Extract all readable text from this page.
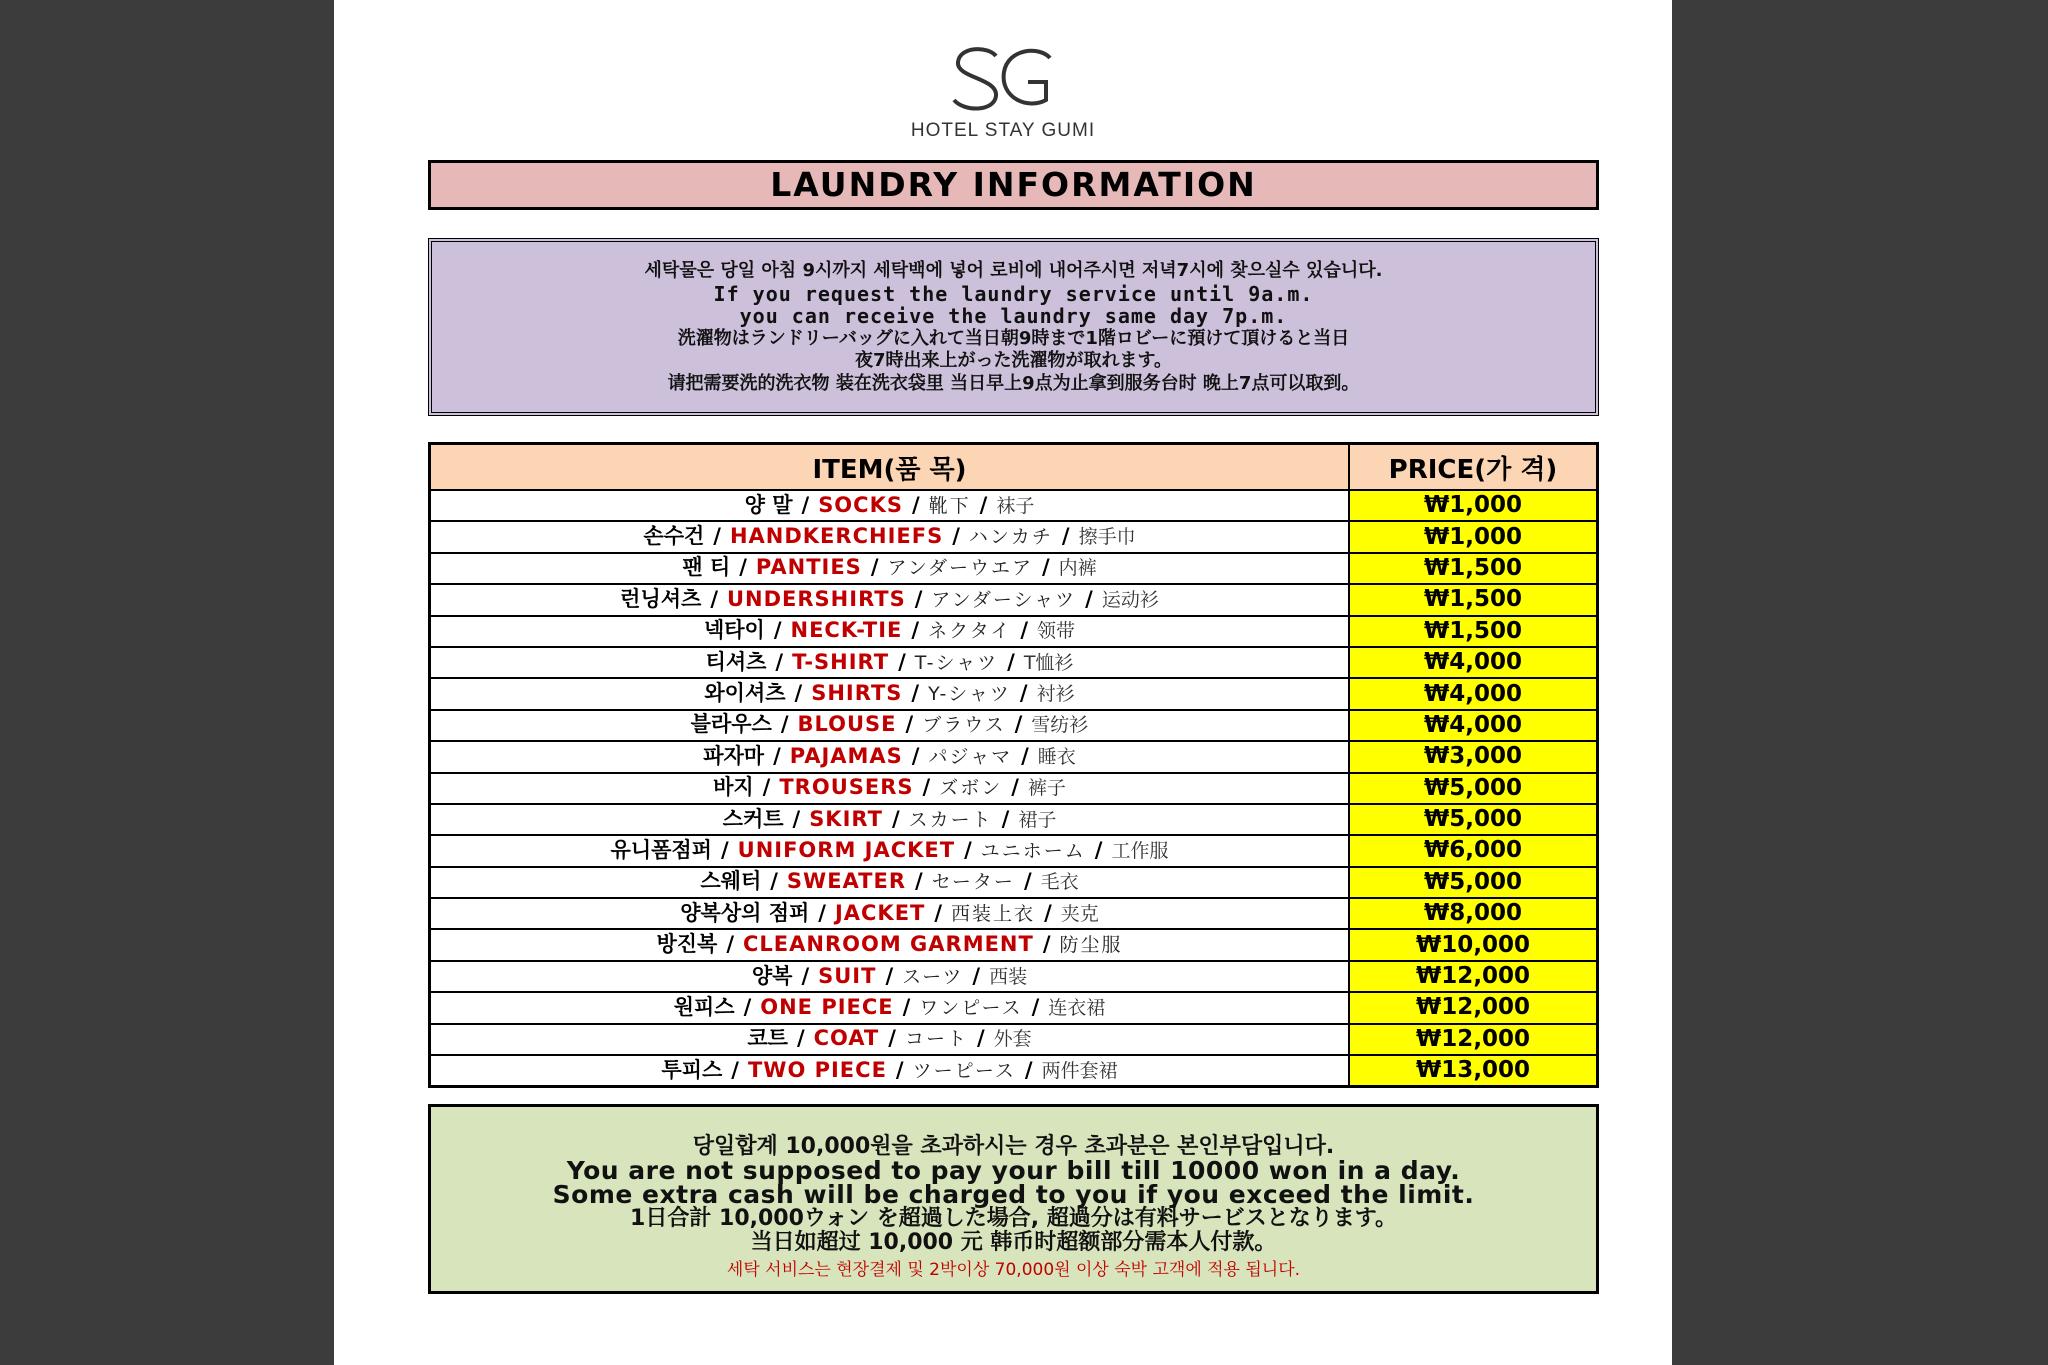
HOTEL STAY GUMI
LAUNDRY INFORMATION
세탁물은 당일 아침 9시까지 세탁백에 넣어 로비에 내어주시면 저녁7시에 찾으실수 있습니다.
If you request the laundry service until 9a.m.
you can receive the laundry same day 7p.m.
洗濯物はランドリーバッグに入れて当日朝9時まで1階ロビーに預けて頂けると当日
夜7時出来上がった洗濯物が取れます。
请把需要洗的洗衣物 装在洗衣袋里 当日早上9点为止拿到服务台时 晚上7点可以取到。
ITEM(품 목)	PRICE(가 격)
양 말 / SOCKS / 靴下 / 袜子	₩1,000
손수건 / HANDKERCHIEFS / ハンカチ / 擦手巾	₩1,000
팬 티 / PANTIES / アンダーウエア / 内裤	₩1,500
런닝셔츠 / UNDERSHIRTS / アンダーシャツ / 运动衫	₩1,500
넥타이 / NECK-TIE / ネクタイ / 领带	₩1,500
티셔츠 / T-SHIRT / T-シャツ / T恤衫	₩4,000
와이셔츠 / SHIRTS / Y-シャツ / 衬衫	₩4,000
블라우스 / BLOUSE / ブラウス / 雪纺衫	₩4,000
파자마 / PAJAMAS / パジャマ / 睡衣	₩3,000
바지 / TROUSERS / ズボン / 裤子	₩5,000
스커트 / SKIRT / スカート / 裙子	₩5,000
유니폼점퍼 / UNIFORM JACKET / ユニホーム / 工作服	₩6,000
스웨터 / SWEATER / セーター / 毛衣	₩5,000
양복상의 점퍼 / JACKET / 西装上衣 / 夹克	₩8,000
방진복 / CLEANROOM GARMENT / 防尘服	₩10,000
양복 / SUIT / スーツ / 西装	₩12,000
원피스 / ONE PIECE / ワンピース / 连衣裙	₩12,000
코트 / COAT / コート / 外套	₩12,000
투피스 / TWO PIECE / ツーピース / 两件套裙	₩13,000
당일합계 10,000원을 초과하시는 경우 초과분은 본인부담입니다.
You are not supposed to pay your bill till 10000 won in a day.
Some extra cash will be charged to you if you exceed the limit.
1日合計 10,000ウォン を超過した場合, 超過分は有料サービスとなります。
当日如超过 10,000 元 韩币时超额部分需本人付款。
세탁 서비스는 현장결제 및 2박이상 70,000원 이상 숙박 고객에 적용 됩니다.
